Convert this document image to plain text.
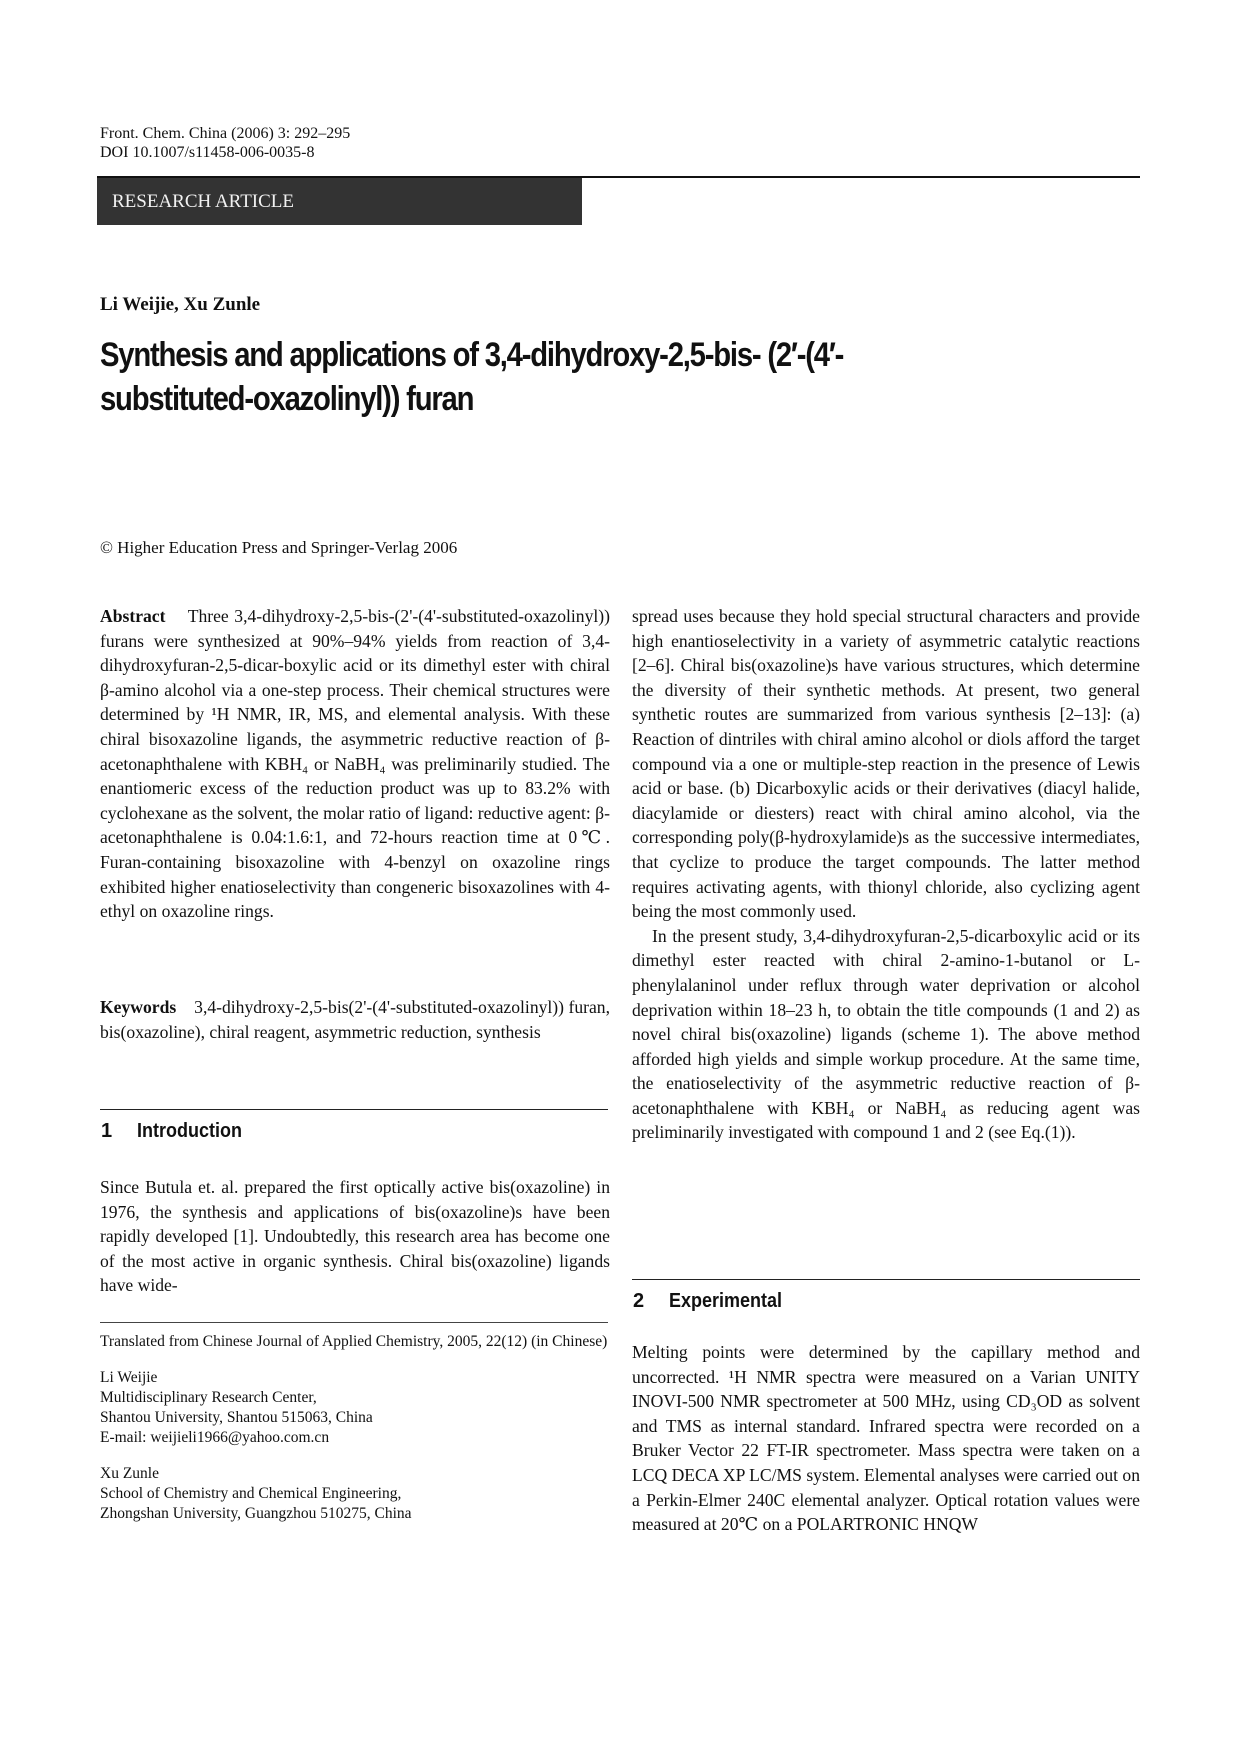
Front. Chem. China (2006) 3: 292–295
DOI 10.1007/s11458-006-0035-8
RESEARCH ARTICLE
Li Weijie, Xu Zunle
Synthesis and applications of 3,4-dihydroxy-2,5-bis- (2′-(4′-substituted-oxazolinyl)) furan
© Higher Education Press and Springer-Verlag 2006

Abstract Three 3,4-dihydroxy-2,5-bis-(2'-(4'-substituted-oxazolinyl)) furans were synthesized at 90%–94% yields from reaction of 3,4-dihydroxyfuran-2,5-dicar-boxylic acid or its dimethyl ester with chiral β-amino alcohol via a one-step process. Their chemical structures were determined by ¹H NMR, IR, MS, and elemental analysis. With these chiral bisoxazoline ligands, the asymmetric reductive reaction of β-acetonaphthalene with KBH₄ or NaBH₄ was preliminarily studied. The enantiomeric excess of the reduction product was up to 83.2% with cyclohexane as the solvent, the molar ratio of ligand: reductive agent: β-acetonaphthalene is 0.04:1.6:1, and 72-hours reaction time at 0℃. Furan-containing bisoxazoline with 4-benzyl on oxazoline rings exhibited higher enatioselectivity than congeneric bisoxazolines with 4-ethyl on oxazoline rings.

Keywords 3,4-dihydroxy-2,5-bis(2'-(4'-substituted-oxazolinyl)) furan, bis(oxazoline), chiral reagent, asymmetric reduction, synthesis

1 Introduction

Since Butula et. al. prepared the first optically active bis(oxazoline) in 1976, the synthesis and applications of bis(oxazoline)s have been rapidly developed [1]. Undoubtedly, this research area has become one of the most active in organic synthesis. Chiral bis(oxazoline) ligands have wide-

Translated from Chinese Journal of Applied Chemistry, 2005, 22(12) (in Chinese)

Li Weijie

Multidisciplinary Research Center,

Shantou University, Shantou 515063, China

E-mail: weijieli1966@yahoo.com.cn

Xu Zunle

School of Chemistry and Chemical Engineering,

Zhongshan University, Guangzhou 510275, China

spread uses because they hold special structural characters and provide high enantioselectivity in a variety of asymmetric catalytic reactions [2–6]. Chiral bis(oxazoline)s have various structures, which determine the diversity of their synthetic methods. At present, two general synthetic routes are summarized from various synthesis [2–13]: (a) Reaction of dintriles with chiral amino alcohol or diols afford the target compound via a one or multiple-step reaction in the presence of Lewis acid or base. (b) Dicarboxylic acids or their derivatives (diacyl halide, diacylamide or diesters) react with chiral amino alcohol, via the corresponding poly(β-hydroxylamide)s as the successive intermediates, that cyclize to produce the target compounds. The latter method requires activating agents, with thionyl chloride, also cyclizing agent being the most commonly used.

In the present study, 3,4-dihydroxyfuran-2,5-dicarboxylic acid or its dimethyl ester reacted with chiral 2-amino-1-butanol or L-phenylalaninol under reflux through water deprivation or alcohol deprivation within 18–23 h, to obtain the title compounds (1 and 2) as novel chiral bis(oxazoline) ligands (scheme 1). The above method afforded high yields and simple workup procedure. At the same time, the enatioselectivity of the asymmetric reductive reaction of β-acetonaphthalene with KBH₄ or NaBH₄ as reducing agent was preliminarily investigated with compound 1 and 2 (see Eq.(1)).

2 Experimental

Melting points were determined by the capillary method and uncorrected. ¹H NMR spectra were measured on a Varian UNITY INOVI-500 NMR spectrometer at 500 MHz, using CD₃OD as solvent and TMS as internal standard. Infrared spectra were recorded on a Bruker Vector 22 FT-IR spectrometer. Mass spectra were taken on a LCQ DECA XP LC/MS system. Elemental analyses were carried out on a Perkin-Elmer 240C elemental analyzer. Optical rotation values were measured at 20℃ on a POLARTRONIC HNQW
